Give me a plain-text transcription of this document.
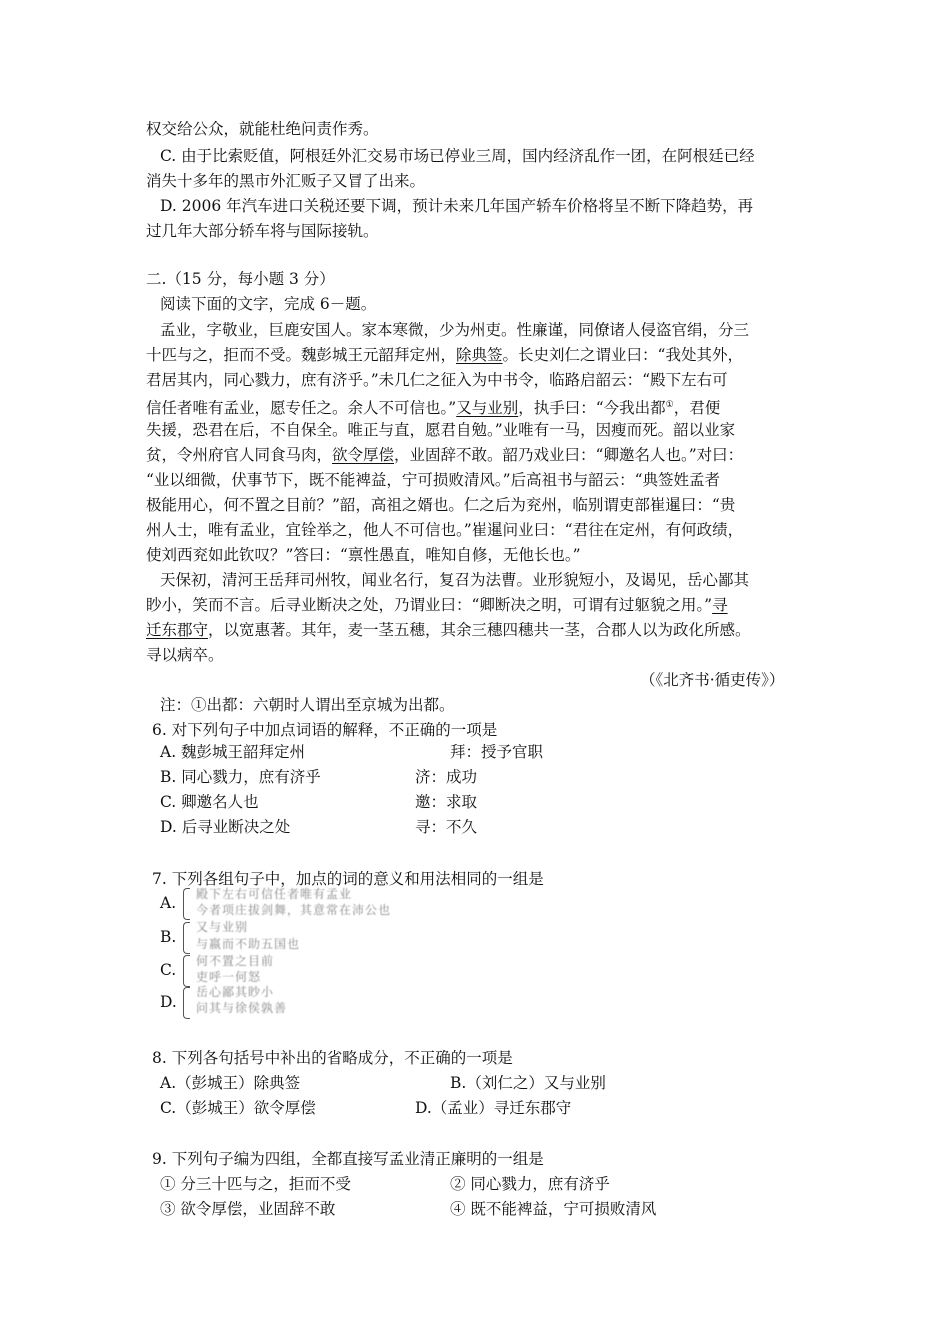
权交给公众，就能杜绝问责作秀。
C. 由于比索贬值，阿根廷外汇交易市场已停业三周，国内经济乱作一团，在阿根廷已经
消失十多年的黑市外汇贩子又冒了出来。
D. 2006 年汽车进口关税还要下调，预计未来几年国产轿车价格将呈不断下降趋势，再
过几年大部分轿车将与国际接轨。
二.（15 分，每小题 3 分）
阅读下面的文字，完成 6－题。
孟业，字敬业，巨鹿安国人。家本寒微，少为州吏。性廉谨，同僚诸人侵盗官绢，分三
十匹与之，拒而不受。魏彭城王元韶拜定州，除典签。长史刘仁之谓业曰：“我处其外，
君居其内，同心戮力，庶有济乎。”未几仁之征入为中书令，临路启韶云：“殿下左右可
信任者唯有孟业，愿专任之。余人不可信也。”又与业别，执手曰：“今我出都①，君便
失援，恐君在后，不自保全。唯正与直，愿君自勉。”业唯有一马，因瘦而死。韶以业家
贫，令州府官人同食马肉，欲令厚偿，业固辞不敢。韶乃戏业曰：“卿邀名人也。”对曰：
“业以细微，伏事节下，既不能裨益，宁可损败清风。”后高祖书与韶云：“典签姓孟者
极能用心，何不置之目前？”韶，高祖之婿也。仁之后为兖州，临别谓吏部崔暹曰：“贵
州人士，唯有孟业，宜铨举之，他人不可信也。”崔暹问业曰：“君往在定州，有何政绩，
使刘西兖如此钦叹？”答曰：“禀性愚直，唯知自修，无他长也。”
天保初，清河王岳拜司州牧，闻业名行，复召为法曹。业形貌短小，及谒见，岳心鄙其
眇小，笑而不言。后寻业断决之处，乃谓业曰：“卿断决之明，可谓有过躯貌之用。”寻
迁东郡守，以宽惠著。其年，麦一茎五穗，其余三穗四穗共一茎，合郡人以为政化所感。
寻以病卒。
（《北齐书·循吏传》）
注：①出都：六朝时人谓出至京城为出都。
6. 对下列句子中加点词语的解释，不正确的一项是
A. 魏彭城王韶拜定州	拜：授予官职
B. 同心戮力，庶有济乎	济：成功
C. 卿邀名人也	邀：求取
D. 后寻业断决之处	寻：不久
7. 下列各组句子中，加点的词的意义和用法相同的一组是
A. 殿下左右可信任者唯有孟业
今者项庄拔剑舞，其意常在沛公也
B.
又与业别
与嬴而不助五国也
C. 何不置之目前
吏呼一何怒
D.
岳心鄙其眇小
问其与徐侯孰善
8. 下列各句括号中补出的省略成分，不正确的一项是
A.（彭城王）除典签	B.（刘仁之）又与业别
C.（彭城王）欲令厚偿	D.（孟业）寻迁东郡守
9. 下列句子编为四组，全都直接写孟业清正廉明的一组是
① 分三十匹与之，拒而不受	② 同心戮力，庶有济乎
③ 欲令厚偿，业固辞不敢	④ 既不能裨益，宁可损败清风
